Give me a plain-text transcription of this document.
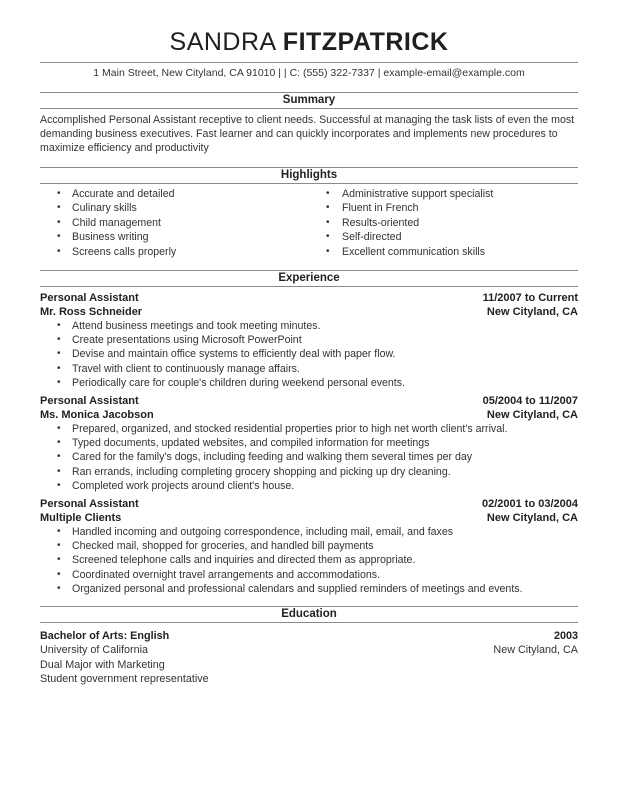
SANDRA FITZPATRICK
1 Main Street, New Cityland, CA 91010 | | C: (555) 322-7337 | example-email@example.com
Summary
Accomplished Personal Assistant receptive to client needs. Successful at managing the task lists of even the most demanding business executives. Fast learner and can quickly incorporates and implements new procedures to maximize efficiency and productivity
Highlights
• Accurate and detailed
• Culinary skills
• Child management
• Business writing
• Screens calls properly
• Administrative support specialist
• Fluent in French
• Results-oriented
• Self-directed
• Excellent communication skills
Experience
Personal Assistant	11/2007 to Current
Mr. Ross Schneider	New Cityland, CA
• Attend business meetings and took meeting minutes.
• Create presentations using Microsoft PowerPoint
• Devise and maintain office systems to efficiently deal with paper flow.
• Travel with client to continuously manage affairs.
• Periodically care for couple's children during weekend personal events.
Personal Assistant	05/2004 to 11/2007
Ms. Monica Jacobson	New Cityland, CA
• Prepared, organized, and stocked residential properties prior to high net worth client's arrival.
• Typed documents, updated websites, and compiled information for meetings
• Cared for the family's dogs, including feeding and walking them several times per day
• Ran errands, including completing grocery shopping and picking up dry cleaning.
• Completed work projects around client's house.
Personal Assistant	02/2001 to 03/2004
Multiple Clients	New Cityland, CA
• Handled incoming and outgoing correspondence, including mail, email, and faxes
• Checked mail, shopped for groceries, and handled bill payments
• Screened telephone calls and inquiries and directed them as appropriate.
• Coordinated overnight travel arrangements and accommodations.
• Organized personal and professional calendars and supplied reminders of meetings and events.
Education
Bachelor of Arts: English	2003
University of California	New Cityland, CA
Dual Major with Marketing
Student government representative
